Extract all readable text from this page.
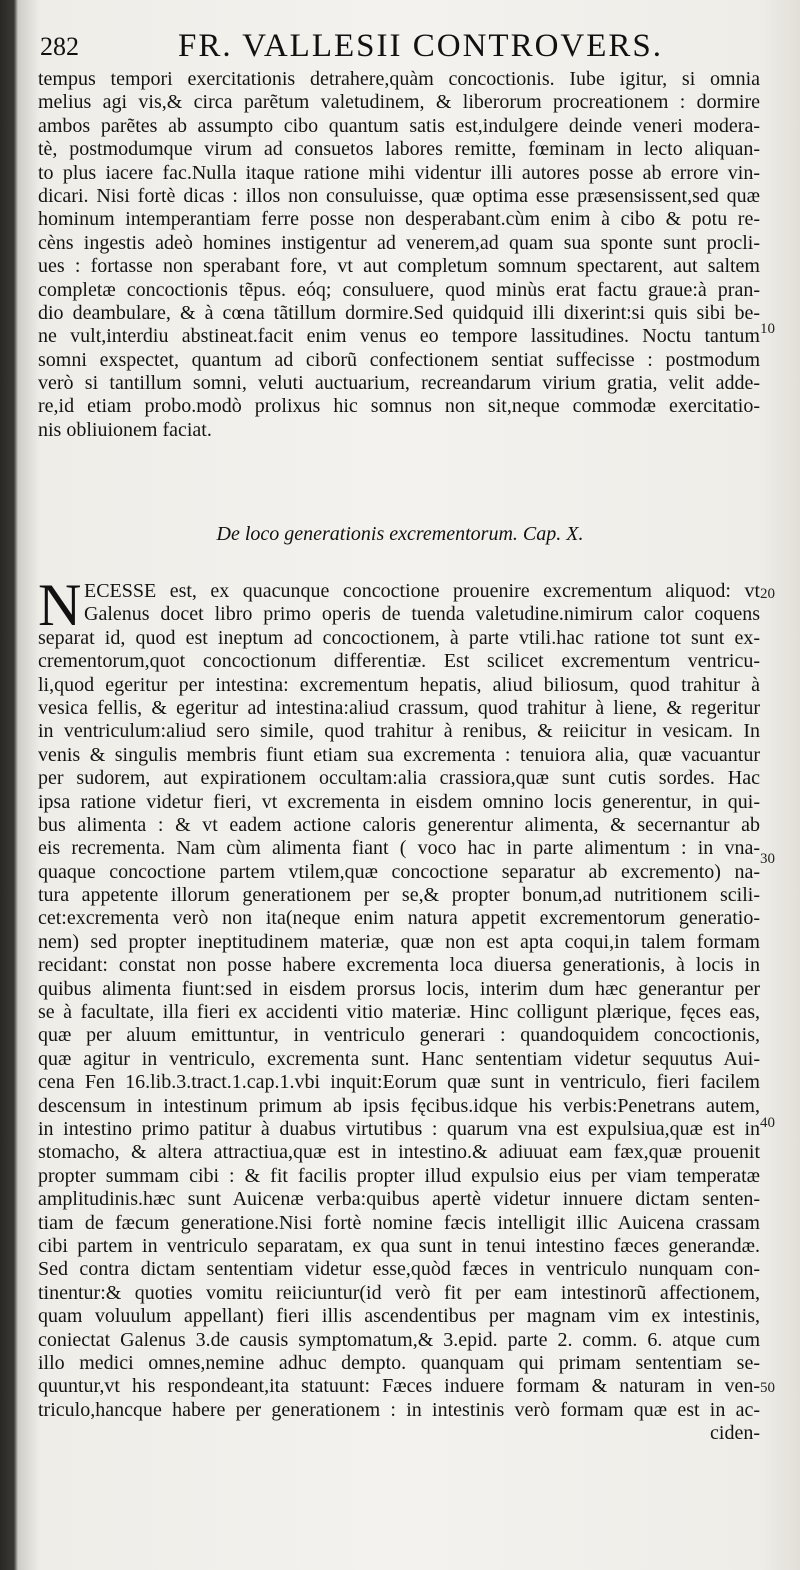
282	FR. VALLESII CONTROVERS.
tempus tempori exercitationis detrahere,quàm concoctionis. Iube igitur, si omnia
melius agi vis,& circa parẽtum valetudinem, & liberorum procreationem : dormire
ambos parẽtes ab assumpto cibo quantum satis est,indulgere deinde veneri modera-
tè, postmodumque virum ad consuetos labores remitte, fœminam in lecto aliquan-
to plus iacere fac.Nulla itaque ratione mihi videntur illi autores posse ab errore vin-
dicari. Nisi fortè dicas : illos non consuluisse, quæ optima esse præsensissent,sed quæ
hominum intemperantiam ferre posse non desperabant.cùm enim à cibo & potu re-
cèns ingestis adeò homines instigentur ad venerem,ad quam sua sponte sunt procli-
ues : fortasse non sperabant fore, vt aut completum somnum spectarent, aut saltem
completæ concoctionis tẽpus. eóq; consuluere, quod minùs erat factu graue:à pran-
dio deambulare, & à cœna tãtillum dormire.Sed quidquid illi dixerint:si quis sibi be-
ne vult,interdiu abstineat.facit enim venus eo tempore lassitudines. Noctu tantum
somni exspectet, quantum ad ciborũ confectionem sentiat suffecisse : postmodum
verò si tantillum somni, veluti auctuarium, recreandarum virium gratia, velit adde-
re,id etiam probo.modò prolixus hic somnus non sit,neque commodæ exercitatio-
nis obliuionem faciat.
De loco generationis excrementorum. Cap. X.
N ECESSE est, ex quacunque concoctione prouenire excrementum aliquod: vt
Galenus docet libro primo operis de tuenda valetudine.nimirum calor coquens
separat id, quod est ineptum ad concoctionem, à parte vtili.hac ratione tot sunt ex-
crementorum,quot concoctionum differentiæ. Est scilicet excrementum ventricu-
li,quod egeritur per intestina: excrementum hepatis, aliud biliosum, quod trahitur à
vesica fellis, & egeritur ad intestina:aliud crassum, quod trahitur à liene, & regeritur
in ventriculum:aliud sero simile, quod trahitur à renibus, & reiicitur in vesicam. In
venis & singulis membris fiunt etiam sua excrementa : tenuiora alia, quæ vacuantur
per sudorem, aut expirationem occultam:alia crassiora,quæ sunt cutis sordes. Hac
ipsa ratione videtur fieri, vt excrementa in eisdem omnino locis generentur, in qui-
bus alimenta : & vt eadem actione caloris generentur alimenta, & secernantur ab
eis recrementa. Nam cùm alimenta fiant ( voco hac in parte alimentum : in vna-
quaque concoctione partem vtilem,quæ concoctione separatur ab excremento) na-
tura appetente illorum generationem per se,& propter bonum,ad nutritionem scili-
cet:excrementa verò non ita(neque enim natura appetit excrementorum generatio-
nem) sed propter ineptitudinem materiæ, quæ non est apta coqui,in talem formam
recidant: constat non posse habere excrementa loca diuersa generationis, à locis in
quibus alimenta fiunt:sed in eisdem prorsus locis, interim dum hæc generantur per
se à facultate, illa fieri ex accidenti vitio materiæ. Hinc colligunt plærique, fęces eas,
quæ per aluum emittuntur, in ventriculo generari : quandoquidem concoctionis,
quæ agitur in ventriculo, excrementa sunt. Hanc sententiam videtur sequutus Aui-
cena Fen 16.lib.3.tract.1.cap.1.vbi inquit:Eorum quæ sunt in ventriculo, fieri facilem
descensum in intestinum primum ab ipsis fęcibus.idque his verbis:Penetrans autem,
in intestino primo patitur à duabus virtutibus : quarum vna est expulsiua,quæ est in
stomacho, & altera attractiua,quæ est in intestino.& adiuuat eam fæx,quæ prouenit
propter summam cibi : & fit facilis propter illud expulsio eius per viam temperatæ
amplitudinis.hæc sunt Auicenæ verba:quibus apertè videtur innuere dictam senten-
tiam de fæcum generatione.Nisi fortè nomine fæcis intelligit illic Auicena crassam
cibi partem in ventriculo separatam, ex qua sunt in tenui intestino fæces generandæ.
Sed contra dictam sententiam videtur esse,quòd fæces in ventriculo nunquam con-
tinentur:& quoties vomitu reiiciuntur(id verò fit per eam intestinorũ affectionem,
quam voluulum appellant) fieri illis ascendentibus per magnam vim ex intestinis,
coniectat Galenus 3.de causis symptomatum,& 3.epid. parte 2. comm. 6. atque cum
illo medici omnes,nemine adhuc dempto. quanquam qui primam sententiam se-
quuntur,vt his respondeant,ita statuunt: Fæces induere formam & naturam in ven-
triculo,hancque habere per generationem : in intestinis verò formam quæ est in ac-
ciden-
10
20
30
40
50
